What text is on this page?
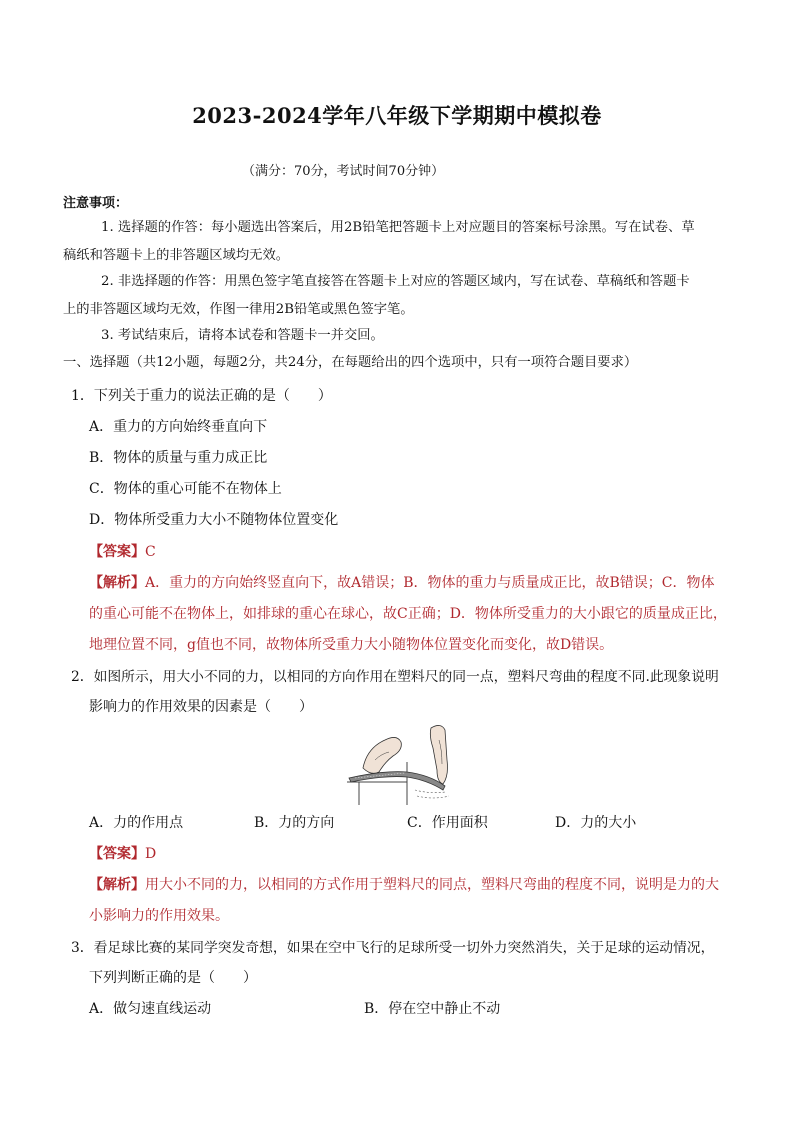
2023-2024学年八年级下学期期中模拟卷
（满分：70分，考试时间70分钟）
注意事项：
1. 选择题的作答：每小题选出答案后，用2B铅笔把答题卡上对应题目的答案标号涂黑。写在试卷、草
稿纸和答题卡上的非答题区域均无效。
2. 非选择题的作答：用黑色签字笔直接答在答题卡上对应的答题区域内，写在试卷、草稿纸和答题卡
上的非答题区域均无效，作图一律用2B铅笔或黑色签字笔。
3. 考试结束后，请将本试卷和答题卡一并交回。
一、选择题（共12小题，每题2分，共24分，在每题给出的四个选项中，只有一项符合题目要求）
1．下列关于重力的说法正确的是（　　）
A．重力的方向始终垂直向下
B．物体的质量与重力成正比
C．物体的重心可能不在物体上
D．物体所受重力大小不随物体位置变化
【答案】C
【解析】A．重力的方向始终竖直向下，故A错误；B．物体的重力与质量成正比，故B错误；C．物体
的重心可能不在物体上，如排球的重心在球心，故C正确；D．物体所受重力的大小跟它的质量成正比，
地理位置不同，g值也不同，故物体所受重力大小随物体位置变化而变化，故D错误。
2．如图所示，用大小不同的力，以相同的方向作用在塑料尺的同一点，塑料尺弯曲的程度不同.此现象说明
影响力的作用效果的因素是（　　）
A．力的作用点	B．力的方向	C．作用面积	D．力的大小
【答案】D
【解析】用大小不同的力，以相同的方式作用于塑料尺的同点，塑料尺弯曲的程度不同，说明是力的大
小影响力的作用效果。
3．看足球比赛的某同学突发奇想，如果在空中飞行的足球所受一切外力突然消失，关于足球的运动情况，
下列判断正确的是（　　）
A．做匀速直线运动	B．停在空中静止不动
